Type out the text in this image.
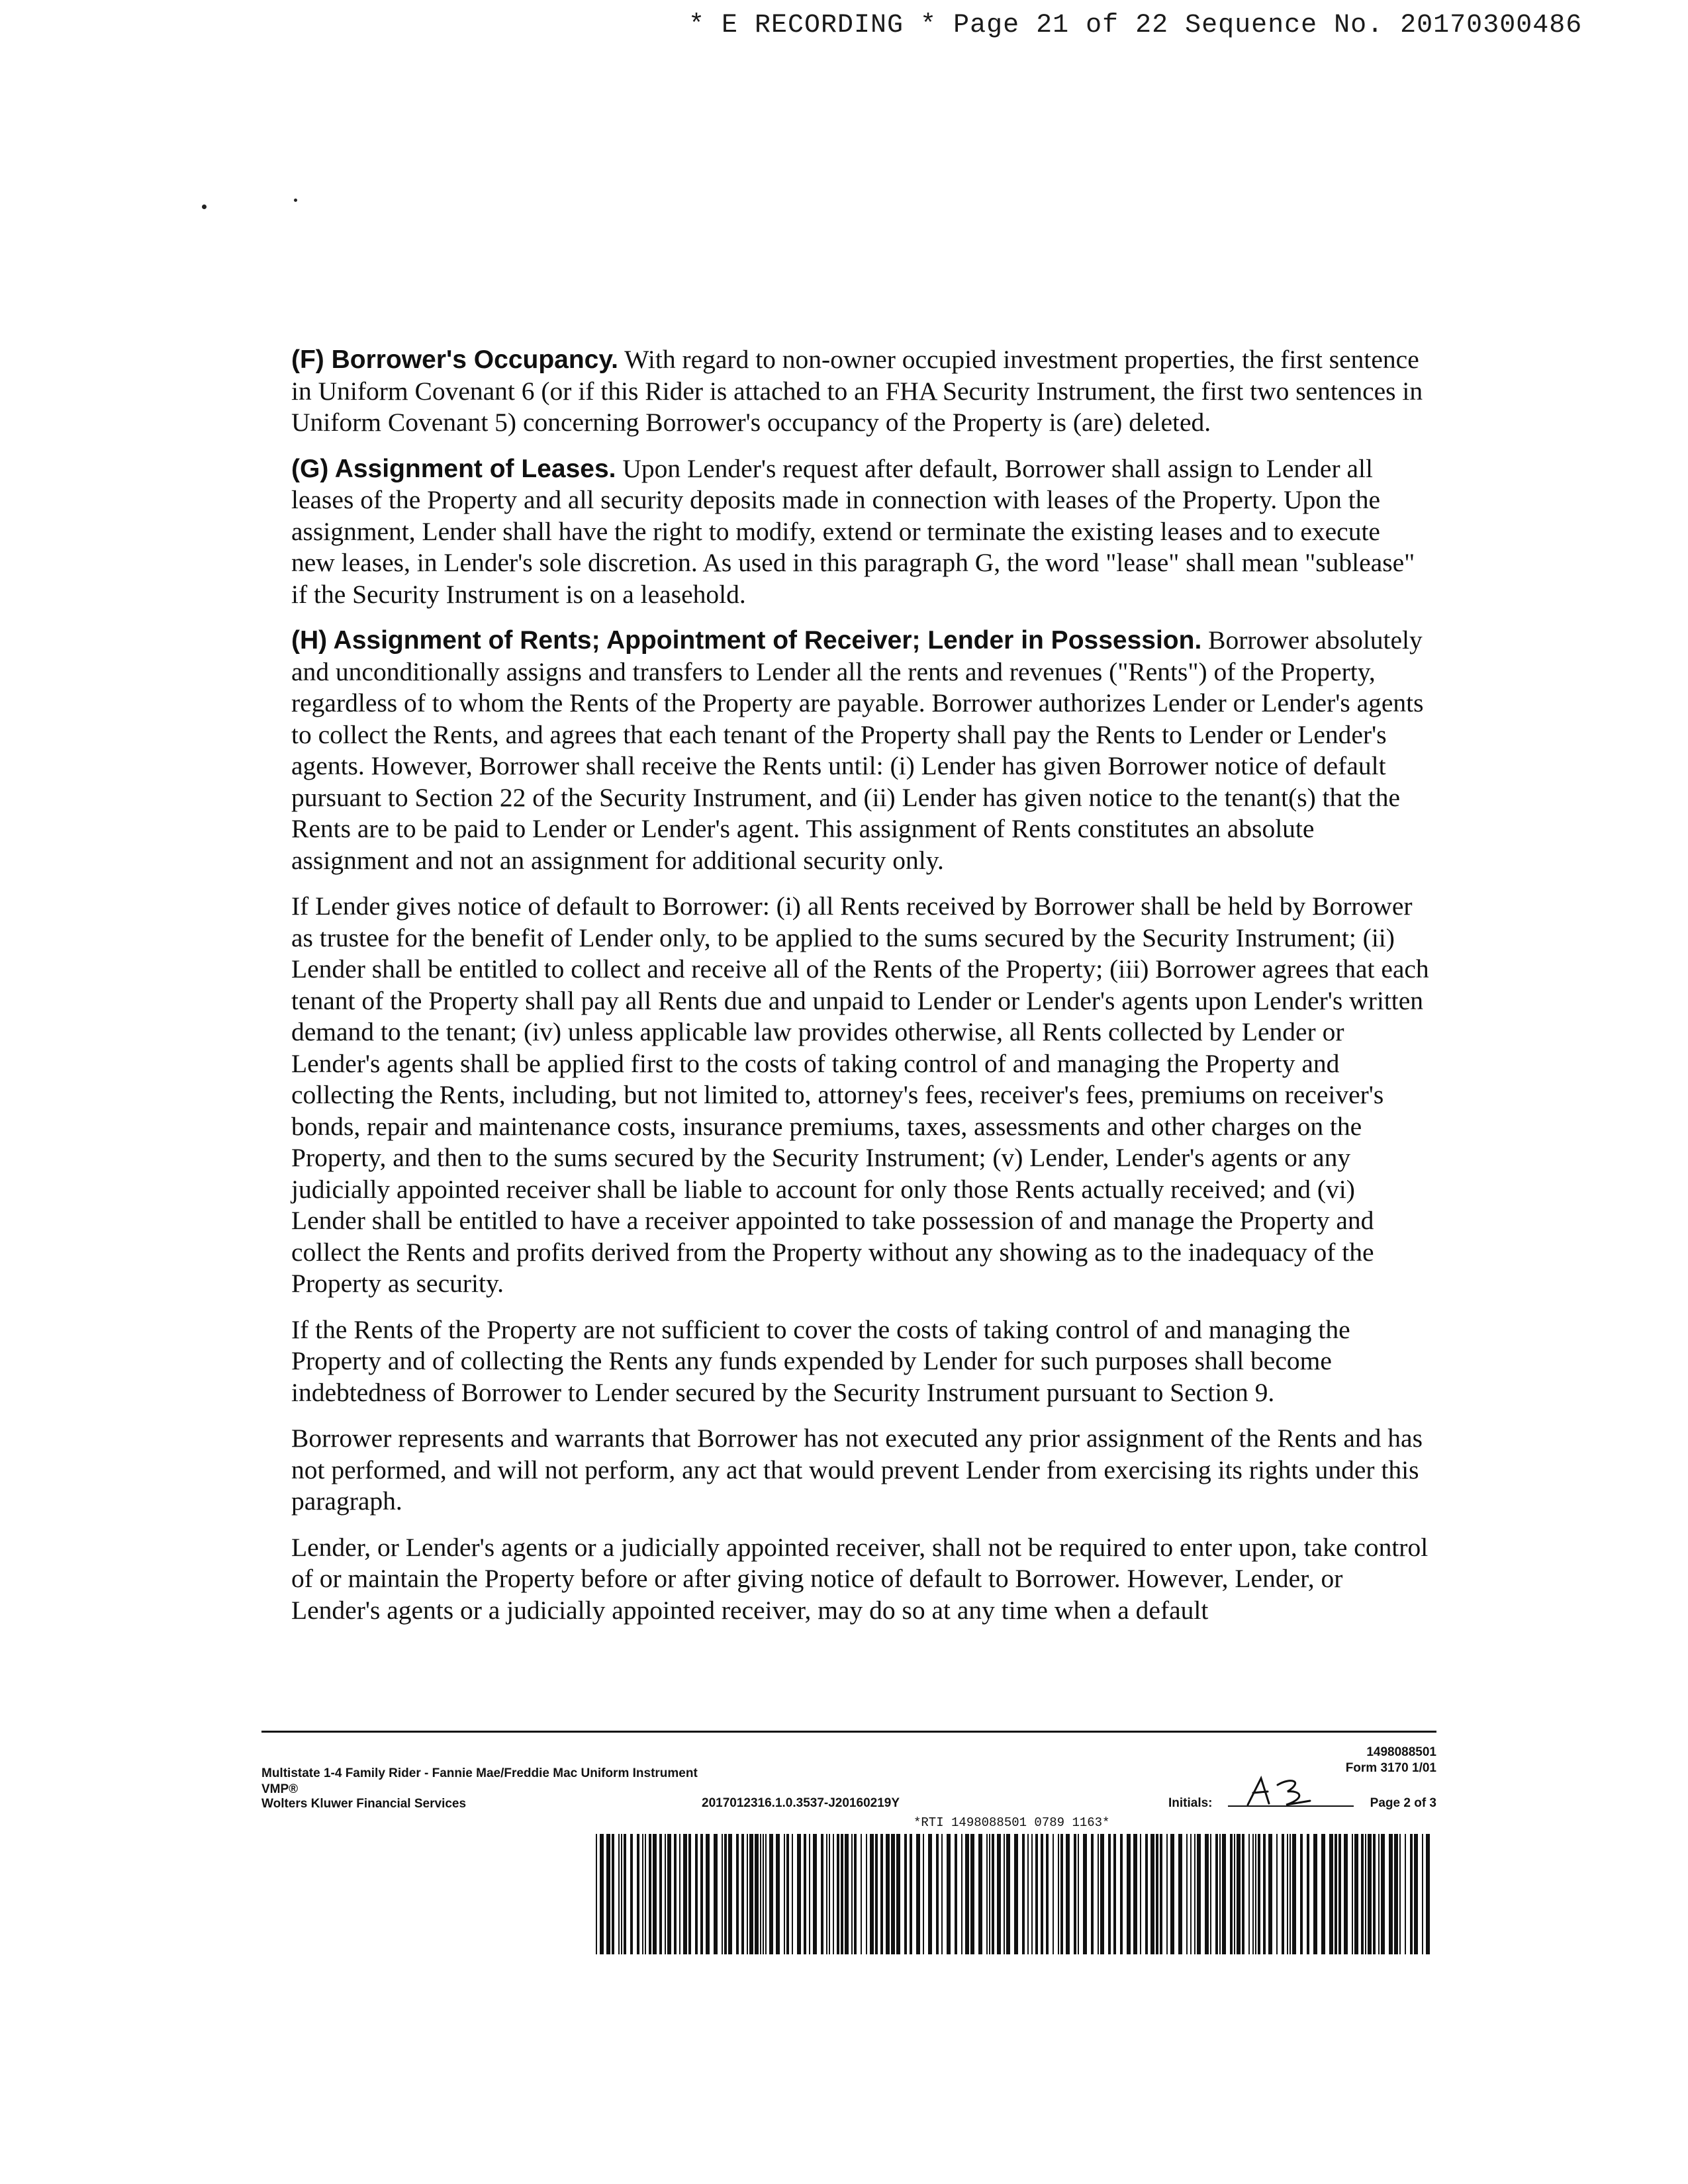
* E RECORDING * Page 21 of 22 Sequence No. 20170300486

(F) Borrower's Occupancy. With regard to non-owner occupied investment properties, the first sentence in Uniform Covenant 6 (or if this Rider is attached to an FHA Security Instrument, the first two sentences in Uniform Covenant 5) concerning Borrower's occupancy of the Property is (are) deleted.

(G) Assignment of Leases. Upon Lender's request after default, Borrower shall assign to Lender all leases of the Property and all security deposits made in connection with leases of the Property. Upon the assignment, Lender shall have the right to modify, extend or terminate the existing leases and to execute new leases, in Lender's sole discretion. As used in this paragraph G, the word "lease" shall mean "sublease" if the Security Instrument is on a leasehold.

(H) Assignment of Rents; Appointment of Receiver; Lender in Possession. Borrower absolutely and unconditionally assigns and transfers to Lender all the rents and revenues ("Rents") of the Property, regardless of to whom the Rents of the Property are payable. Borrower authorizes Lender or Lender's agents to collect the Rents, and agrees that each tenant of the Property shall pay the Rents to Lender or Lender's agents. However, Borrower shall receive the Rents until: (i) Lender has given Borrower notice of default pursuant to Section 22 of the Security Instrument, and (ii) Lender has given notice to the tenant(s) that the Rents are to be paid to Lender or Lender's agent. This assignment of Rents constitutes an absolute assignment and not an assignment for additional security only.

If Lender gives notice of default to Borrower: (i) all Rents received by Borrower shall be held by Borrower as trustee for the benefit of Lender only, to be applied to the sums secured by the Security Instrument; (ii) Lender shall be entitled to collect and receive all of the Rents of the Property; (iii) Borrower agrees that each tenant of the Property shall pay all Rents due and unpaid to Lender or Lender's agents upon Lender's written demand to the tenant; (iv) unless applicable law provides otherwise, all Rents collected by Lender or Lender's agents shall be applied first to the costs of taking control of and managing the Property and collecting the Rents, including, but not limited to, attorney's fees, receiver's fees, premiums on receiver's bonds, repair and maintenance costs, insurance premiums, taxes, assessments and other charges on the Property, and then to the sums secured by the Security Instrument; (v) Lender, Lender's agents or any judicially appointed receiver shall be liable to account for only those Rents actually received; and (vi) Lender shall be entitled to have a receiver appointed to take possession of and manage the Property and collect the Rents and profits derived from the Property without any showing as to the inadequacy of the Property as security.

If the Rents of the Property are not sufficient to cover the costs of taking control of and managing the Property and of collecting the Rents any funds expended by Lender for such purposes shall become indebtedness of Borrower to Lender secured by the Security Instrument pursuant to Section 9.

Borrower represents and warrants that Borrower has not executed any prior assignment of the Rents and has not performed, and will not perform, any act that would prevent Lender from exercising its rights under this paragraph.

Lender, or Lender's agents or a judicially appointed receiver, shall not be required to enter upon, take control of or maintain the Property before or after giving notice of default to Borrower. However, Lender, or Lender's agents or a judicially appointed receiver, may do so at any time when a default

1498088501
Form 3170 1/01
Multistate 1-4 Family Rider - Fannie Mae/Freddie Mac Uniform Instrument
VMP®
Wolters Kluwer Financial Services	2017012316.1.0.3537-J20160219Y	Initials:	Page 2 of 3
*RTI 1498088501 0789 1163*
